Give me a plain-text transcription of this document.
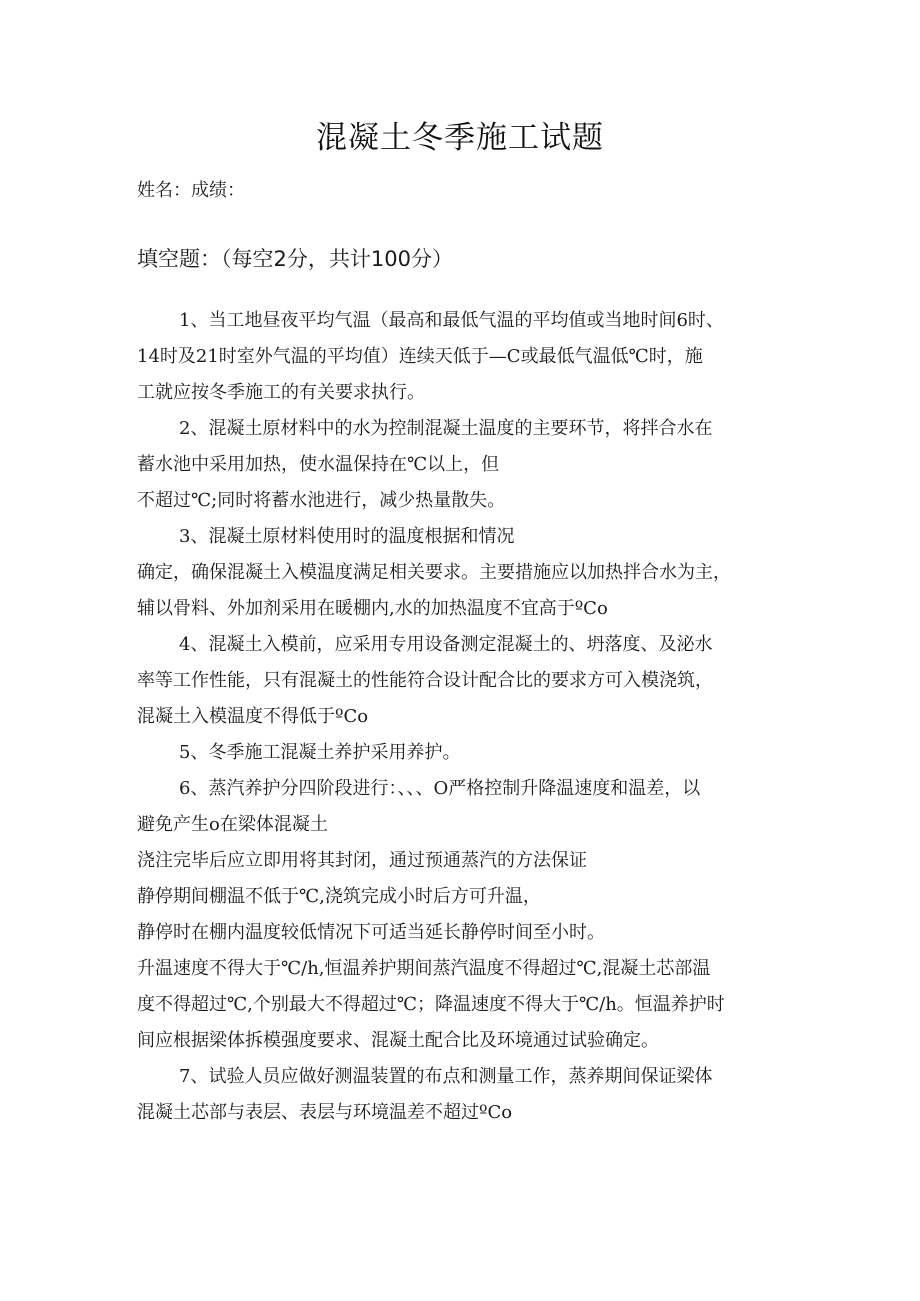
混凝土冬季施工试题

姓名：成绩：

填空题：（每空2分，共计100分）

1、当工地昼夜平均气温（最高和最低气温的平均值或当地时间6时、
14时及21时室外气温的平均值）连续天低于—C或最低气温低℃时，施
工就应按冬季施工的有关要求执行。
2、混凝土原材料中的水为控制混凝土温度的主要环节，将拌合水在
蓄水池中采用加热，使水温保持在℃以上，但
不超过℃;同时将蓄水池进行，减少热量散失。
3、混凝土原材料使用时的温度根据和情况
确定，确保混凝土入模温度满足相关要求。主要措施应以加热拌合水为主，
辅以骨料、外加剂采用在暖棚内,水的加热温度不宜高于ºCo
4、混凝土入模前，应采用专用设备测定混凝土的、坍落度、及泌水
率等工作性能，只有混凝土的性能符合设计配合比的要求方可入模浇筑，
混凝土入模温度不得低于ºCo
5、冬季施工混凝土养护采用养护。
6、蒸汽养护分四阶段进行：、、、O严格控制升降温速度和温差，以
避免产生o在梁体混凝土
浇注完毕后应立即用将其封闭，通过预通蒸汽的方法保证
静停期间棚温不低于℃,浇筑完成小时后方可升温，
静停时在棚内温度较低情况下可适当延长静停时间至小时。
升温速度不得大于℃/h,恒温养护期间蒸汽温度不得超过℃,混凝土芯部温
度不得超过℃,个别最大不得超过℃；降温速度不得大于℃/h。恒温养护时
间应根据梁体拆模强度要求、混凝土配合比及环境通过试验确定。
7、试验人员应做好测温装置的布点和测量工作，蒸养期间保证梁体
混凝土芯部与表层、表层与环境温差不超过ºCo
